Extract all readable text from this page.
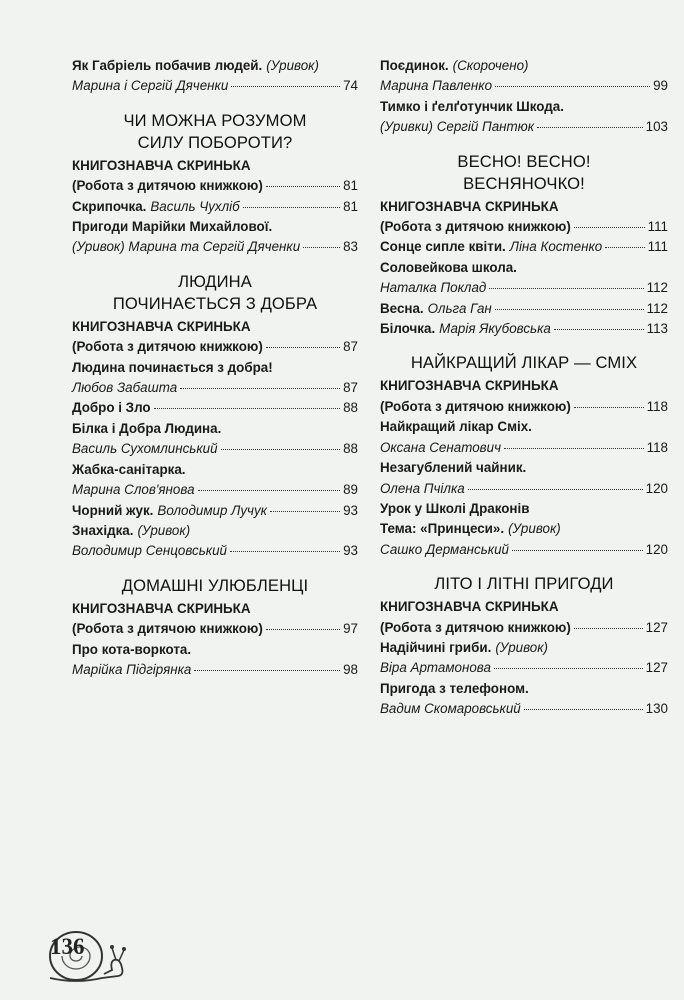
Як Габріель побачив людей. (Уривок)
Марина і Сергій Дяченки	74
ЧИ МОЖНА РОЗУМОМ
СИЛУ ПОБОРОТИ?
КНИГОЗНАВЧА СКРИНЬКА
(Робота з дитячою книжкою)	81
Скрипочка. Василь Чухліб	81
Пригоди Марійки Михайлової.
(Уривок) Марина та Сергій Дяченки	83
ЛЮДИНА
ПОЧИНАЄТЬСЯ З ДОБРА
КНИГОЗНАВЧА СКРИНЬКА
(Робота з дитячою книжкою)	87
Людина починається з добра!
Любов Забашта	87
Добро і Зло	88
Білка і Добра Людина.
Василь Сухомлинський	88
Жабка-санітарка.
Марина Слов'янова	89
Чорний жук. Володимир Лучук	93
Знахідка. (Уривок)
Володимир Сенцовський	93
ДОМАШНІ УЛЮБЛЕНЦІ
КНИГОЗНАВЧА СКРИНЬКА
(Робота з дитячою книжкою)	97
Про кота-воркота.
Марійка Підгірянка	98
Поєдинок. (Скорочено)
Марина Павленко	99
Тимко і ґелґотунчик Шкода.
(Уривки) Сергій Пантюк	103
ВЕСНО! ВЕСНО!
ВЕСНЯНОЧКО!
КНИГОЗНАВЧА СКРИНЬКА
(Робота з дитячою книжкою)	111
Сонце сипле квіти. Ліна Костенко	111
Соловейкова школа.
Наталка Поклад	112
Весна. Ольга Ган	112
Білочка. Марія Якубовська	113
НАЙКРАЩИЙ ЛІКАР — СМІХ
КНИГОЗНАВЧА СКРИНЬКА
(Робота з дитячою книжкою)	118
Найкращий лікар Сміх.
Оксана Сенатович	118
Незагублений чайник.
Олена Пчілка	120
Урок у Школі Драконів
Тема: «Принцеси». (Уривок)
Сашко Дерманський	120
ЛІТО І ЛІТНІ ПРИГОДИ
КНИГОЗНАВЧА СКРИНЬКА
(Робота з дитячою книжкою)	127
Надійчині гриби. (Уривок)
Віра Артамонова	127
Пригода з телефоном.
Вадим Скомаровський	130
136
